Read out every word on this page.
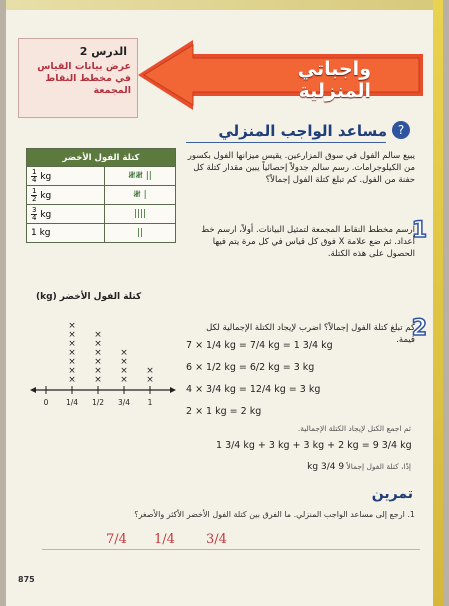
الدرس 2
عرض بيانات القياس في مخطط النقاط المجمعة
واجباتي المنزلية
?
مساعد الواجب المنزلي
كتلة الفول الأخضر	

$\frac{1}{4}$ kg	𝍸𝍸 ||

$\frac{1}{2}$ kg	𝍸 |

$\frac{3}{4}$ kg	||||
1 kg	||
يبيع سالم الفول في سوق المزارعين. يقيس ميزانها الفول بكسور من الكيلوجرامات. رسم سالم جدولاً إحصائياً يبين مقدار كتلة كل حفنة من الفول. كم تبلغ كتلة الفول إجمالاً؟
1
ارسم مخطط النقاط المجمعة لتمثيل البيانات. أولاً، ارسم خط أعداد. ثم ضع علامة X فوق كل قياس في كل مرة يتم فيها الحصول على هذه الكتلة.
2
كم تبلغ كتلة الفول إجمالاً؟ اضرب لإيجاد الكتلة الإجمالية لكل قيمة.
كتلة الفول الأخضر (kg)
0 1/4
×
×
×
×
×
×
×
1/2
×
×
×
×
×
×
3/4
×
×
×
×
1
×
×
7 × 1/4 kg = 7/4 kg = 1 3/4 kg
6 × 1/2 kg = 6/2 kg = 3 kg
4 × 3/4 kg = 12/4 kg = 3 kg
2 × 1 kg = 2 kg
ثم اجمع الكتل لإيجاد الكتلة الإجمالية.
1 3/4 kg + 3 kg + 3 kg + 2 kg = 9 3/4 kg
إذًا، كتلة الفول إجمالاً 9 3/4 kg
تمرين
1. ارجع إلى مساعد الواجب المنزلي. ما الفرق بين كتلة الفول الأخضر الأكثر والأصغر؟
7/4 1/4 3/4
875
